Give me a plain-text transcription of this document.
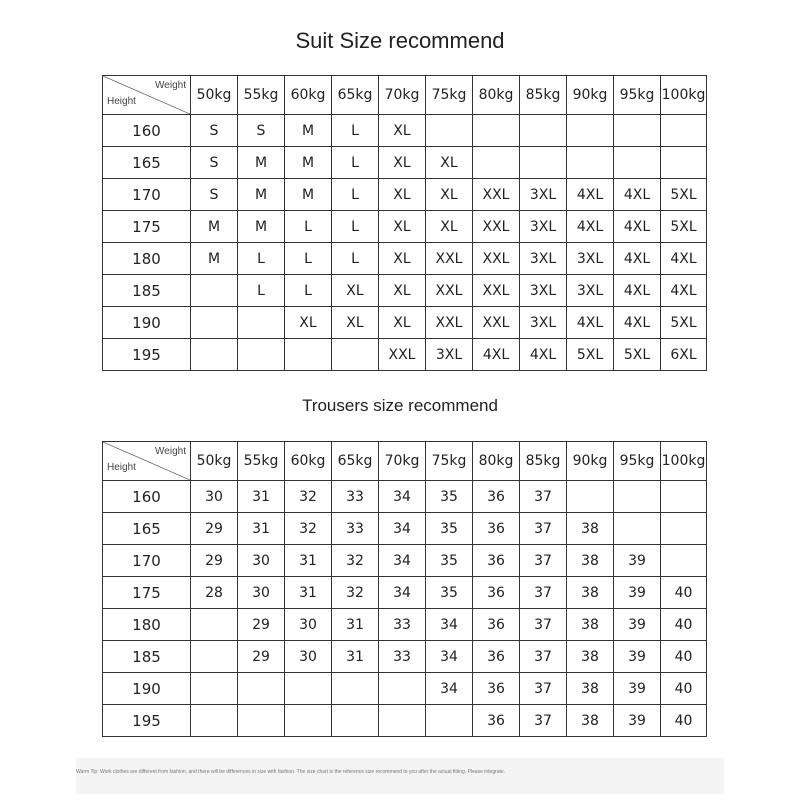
Suit Size recommend
Weight
Height	50kg	55kg	60kg	65kg	70kg	75kg	80kg	85kg	90kg	95kg	100kg
160	S	S	M	L	XL						
165	S	M	M	L	XL	XL					
170	S	M	M	L	XL	XL	XXL	3XL	4XL	4XL	5XL
175	M	M	L	L	XL	XL	XXL	3XL	4XL	4XL	5XL
180	M	L	L	L	XL	XXL	XXL	3XL	3XL	4XL	4XL
185		L	L	XL	XL	XXL	XXL	3XL	3XL	4XL	4XL
190			XL	XL	XL	XXL	XXL	3XL	4XL	4XL	5XL
195					XXL	3XL	4XL	4XL	5XL	5XL	6XL
Trousers size recommend
Weight
Height	50kg	55kg	60kg	65kg	70kg	75kg	80kg	85kg	90kg	95kg	100kg
160	30	31	32	33	34	35	36	37			
165	29	31	32	33	34	35	36	37	38		
170	29	30	31	32	34	35	36	37	38	39	
175	28	30	31	32	34	35	36	37	38	39	40
180		29	30	31	33	34	36	37	38	39	40
185		29	30	31	33	34	36	37	38	39	40
190						34	36	37	38	39	40
195							36	37	38	39	40
Warm Tip: Work clothes are different from fashion, and there will be differences in size with fashion. The size chart is the reference size recommend to you after the actual fitting. Please integrate.
